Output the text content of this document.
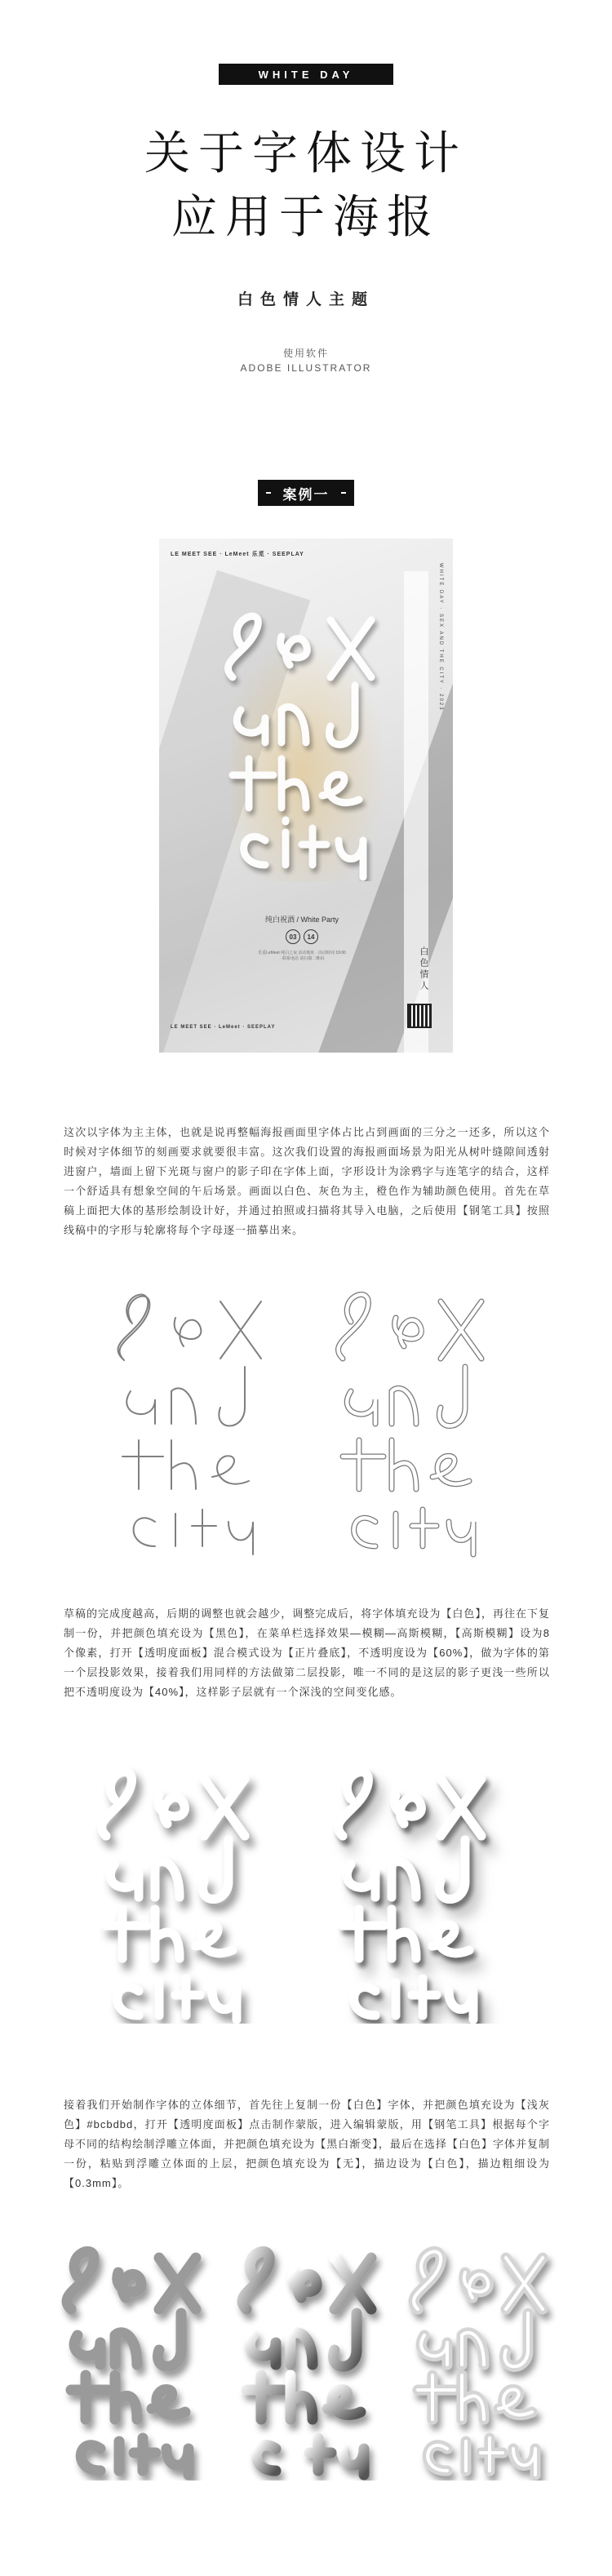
WHITE DAY
关于字体设计
应用于海报
白色情人主题
使用软件
ADOBE ILLUSTRATOR
案例一
LE MEET SEE · LeMeet 乐觅 · SEEPLAY
WHITE DAY · SEX AND THE CITY · 2023
纯白祝酒 / White Party
03	14
乐觅LeMeet 纯白之夜 活动地址 · 活动时间 19:00 · 联系电话 请扫描二维码	白色情人
LE MEET SEE · LeMeet · SEEPLAY
这次以字体为主主体，也就是说再整幅海报画面里字体占比占到画面的三分之一还多，所以这个时候对字体细节的刻画要求就要很丰富。这次我们设置的海报画面场景为阳光从树叶缝隙间透射进窗户，墙面上留下光斑与窗户的影子印在字体上面，字形设计为涂鸦字与连笔字的结合，这样一个舒适具有想象空间的午后场景。画面以白色、灰色为主，橙色作为辅助颜色使用。首先在草稿上面把大体的基形绘制设计好，并通过拍照或扫描将其导入电脑，之后使用【钢笔工具】按照线稿中的字形与轮廓将每个字母逐一描摹出来。
草稿的完成度越高，后期的调整也就会越少，调整完成后，将字体填充设为【白色】，再往在下复制一份，并把颜色填充设为【黑色】，在菜单栏选择效果—模糊—高斯模糊，【高斯模糊】设为8个像素，打开【透明度面板】混合模式设为【正片叠底】，不透明度设为【60%】，做为字体的第一个层投影效果，接着我们用同样的方法做第二层投影，唯一不同的是这层的影子更浅一些所以把不透明度设为【40%】，这样影子层就有一个深浅的空间变化感。
接着我们开始制作字体的立体细节，首先往上复制一份【白色】字体，并把颜色填充设为【浅灰色】#bcbdbd，打开【透明度面板】点击制作蒙版，进入编辑蒙版，用【钢笔工具】根据每个字母不同的结构绘制浮雕立体面，并把颜色填充设为【黑白渐变】，最后在选择【白色】字体并复制一份，粘贴到浮雕立体面的上层，把颜色填充设为【无】，描边设为【白色】，描边粗细设为【0.3mm】。
